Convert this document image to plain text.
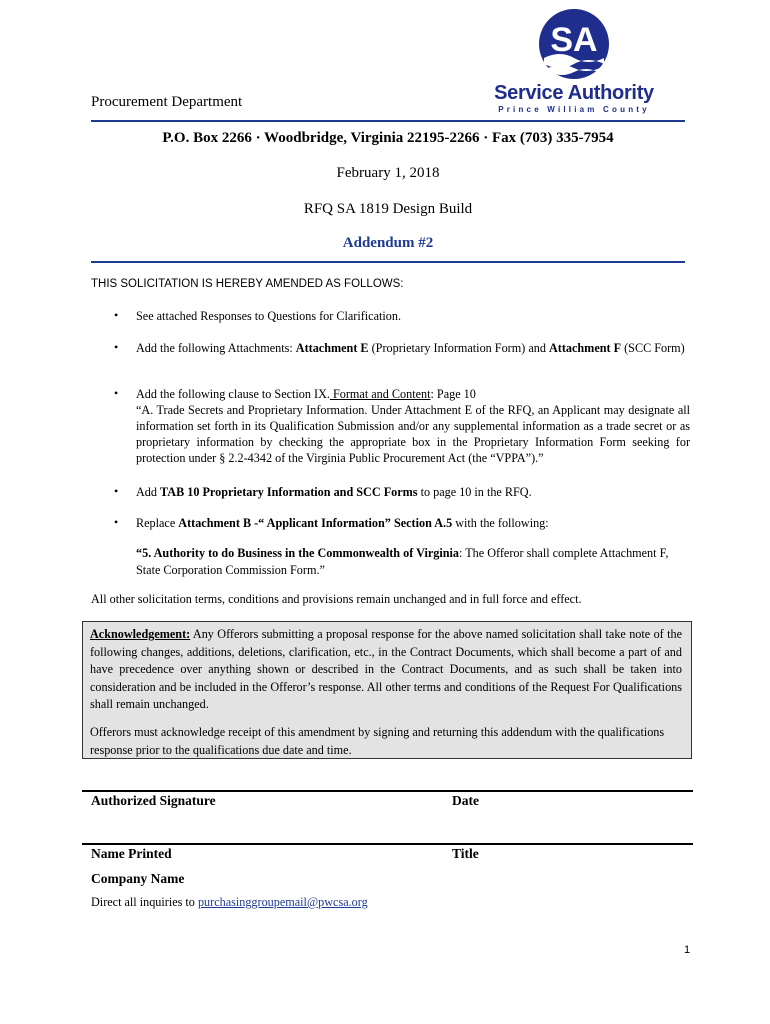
Procurement Department
SA
Service Authority
Prince William County
P.O. Box 2266 · Woodbridge, Virginia 22195-2266 · Fax (703) 335-7954
February 1, 2018
RFQ SA 1819 Design Build
Addendum #2
THIS SOLICITATION IS HEREBY AMENDED AS FOLLOWS:
• See attached Responses to Questions for Clarification.
• Add the following Attachments: Attachment E (Proprietary Information Form) and Attachment F (SCC Form)
• Add the following clause to Section IX. Format and Content: Page 10
“A. Trade Secrets and Proprietary Information. Under Attachment E of the RFQ, an Applicant may designate all information set forth in its Qualification Submission and/or any supplemental information as a trade secret or as proprietary information by checking the appropriate box in the Proprietary Information Form seeking for protection under § 2.2-4342 of the Virginia Public Procurement Act (the “VPPA”).”
• Add TAB 10 Proprietary Information and SCC Forms to page 10 in the RFQ.
• Replace Attachment B -“ Applicant Information” Section A.5 with the following:
“5. Authority to do Business in the Commonwealth of Virginia: The Offeror shall complete Attachment F, State Corporation Commission Form.”
All other solicitation terms, conditions and provisions remain unchanged and in full force and effect.
Acknowledgement: Any Offerors submitting a proposal response for the above named solicitation shall take note of the following changes, additions, deletions, clarification, etc., in the Contract Documents, which shall become a part of and have precedence over anything shown or described in the Contract Documents, and as such shall be taken into consideration and be included in the Offeror’s response. All other terms and conditions of the Request For Qualifications shall remain unchanged.
Offerors must acknowledge receipt of this amendment by signing and returning this addendum with the qualifications response prior to the qualifications due date and time.
Authorized Signature	Date
Name Printed	Title
Company Name
Direct all inquiries to purchasinggroupemail@pwcsa.org
1
